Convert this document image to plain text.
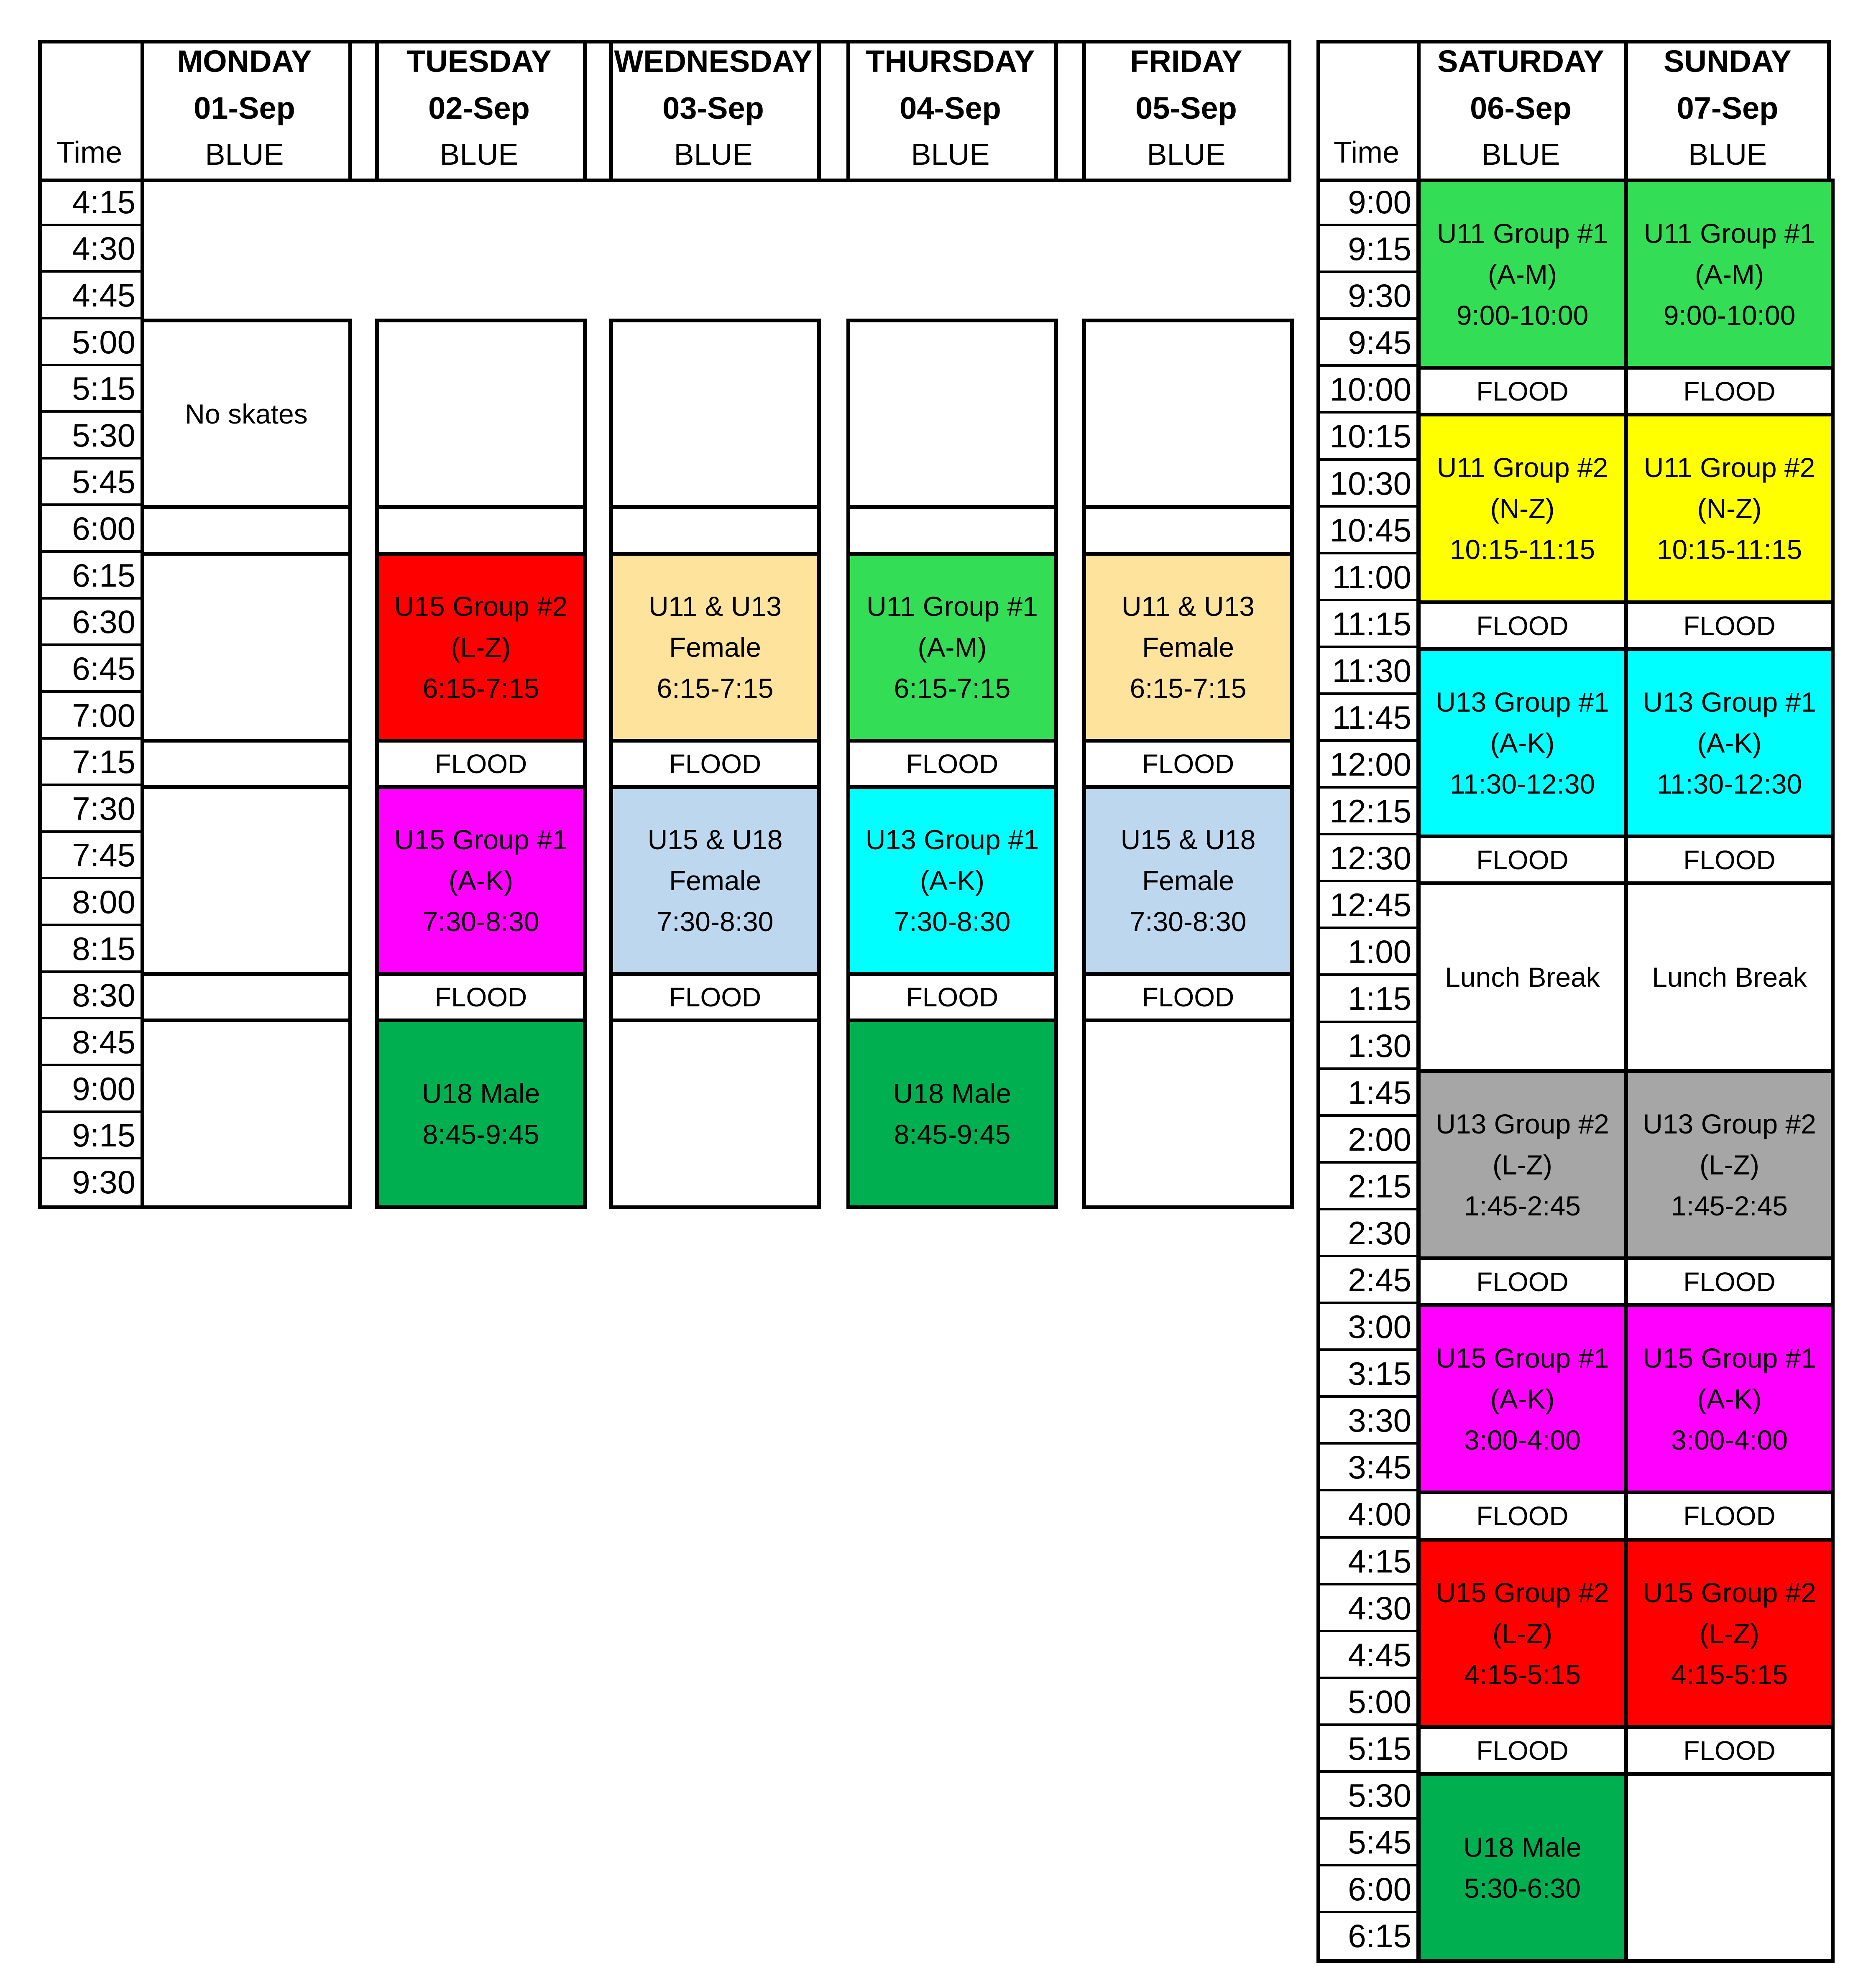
Time
MONDAY
01-Sep
BLUE
TUESDAY
02-Sep
BLUE
WEDNESDAY
03-Sep
BLUE
THURSDAY
04-Sep
BLUE
FRIDAY
05-Sep
BLUE
4:15
4:30
4:45
5:00
5:15
5:30
5:45
6:00
6:15
6:30
6:45
7:00
7:15
7:30
7:45
8:00
8:15
8:30
8:45
9:00
9:15
9:30
No skates
U15 Group #2
(L-Z)
6:15-7:15
FLOOD
U15 Group #1
(A-K)
7:30-8:30
FLOOD
U18 Male
8:45-9:45
U11 & U13
Female
6:15-7:15
FLOOD
U15 & U18
Female
7:30-8:30
FLOOD
U11 Group #1
(A-M)
6:15-7:15
FLOOD
U13 Group #1
(A-K)
7:30-8:30
FLOOD
U18 Male
8:45-9:45
U11 & U13
Female
6:15-7:15
FLOOD
U15 & U18
Female
7:30-8:30
FLOOD
Time
SATURDAY
06-Sep
BLUE
SUNDAY
07-Sep
BLUE
9:00
9:15
9:30
9:45
10:00
10:15
10:30
10:45
11:00
11:15
11:30
11:45
12:00
12:15
12:30
12:45
1:00
1:15
1:30
1:45
2:00
2:15
2:30
2:45
3:00
3:15
3:30
3:45
4:00
4:15
4:30
4:45
5:00
5:15
5:30
5:45
6:00
6:15
U11 Group #1
(A-M)
9:00-10:00
FLOOD
U11 Group #2
(N-Z)
10:15-11:15
FLOOD
U13 Group #1
(A-K)
11:30-12:30
FLOOD
Lunch Break
U13 Group #2
(L-Z)
1:45-2:45
FLOOD
U15 Group #1
(A-K)
3:00-4:00
FLOOD
U15 Group #2
(L-Z)
4:15-5:15
FLOOD
U18 Male
5:30-6:30
U11 Group #1
(A-M)
9:00-10:00
FLOOD
U11 Group #2
(N-Z)
10:15-11:15
FLOOD
U13 Group #1
(A-K)
11:30-12:30
FLOOD
Lunch Break
U13 Group #2
(L-Z)
1:45-2:45
FLOOD
U15 Group #1
(A-K)
3:00-4:00
FLOOD
U15 Group #2
(L-Z)
4:15-5:15
FLOOD
